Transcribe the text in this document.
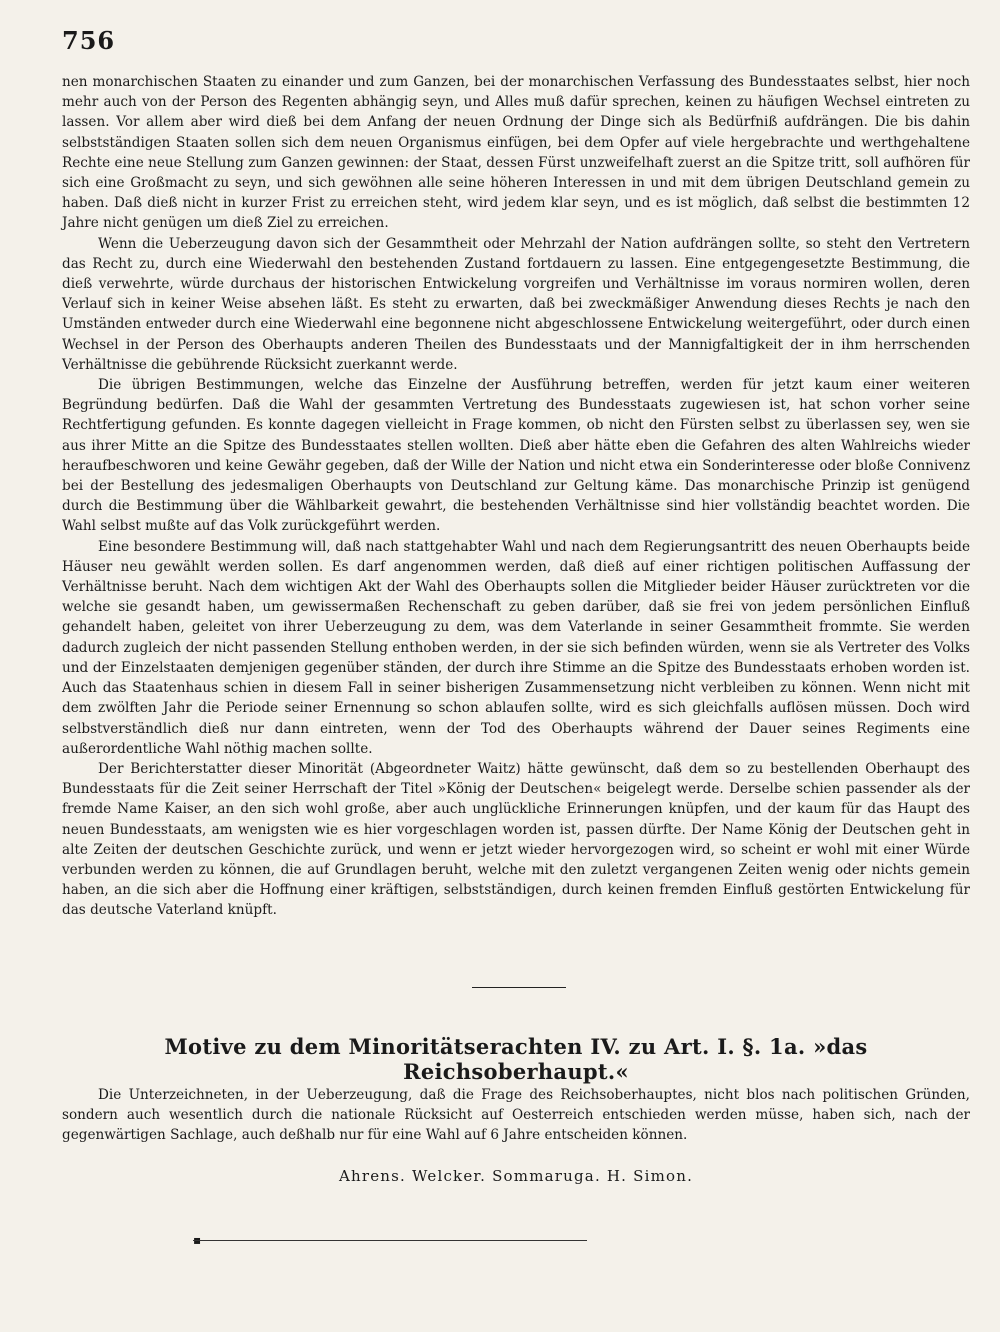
756

nen monarchischen Staaten zu einander und zum Ganzen, bei der monarchischen Verfassung des Bundesstaates selbst, hier noch mehr auch von der Person des Regenten abhängig seyn, und Alles muß dafür sprechen, keinen zu häufigen Wechsel eintreten zu lassen. Vor allem aber wird dieß bei dem Anfang der neuen Ordnung der Dinge sich als Bedürfniß aufdrängen. Die bis dahin selbstständigen Staaten sollen sich dem neuen Organismus einfügen, bei dem Opfer auf viele hergebrachte und werthgehaltene Rechte eine neue Stellung zum Ganzen gewinnen: der Staat, dessen Fürst unzweifelhaft zuerst an die Spitze tritt, soll aufhören für sich eine Großmacht zu seyn, und sich gewöhnen alle seine höheren Interessen in und mit dem übrigen Deutschland gemein zu haben. Daß dieß nicht in kurzer Frist zu erreichen steht, wird jedem klar seyn, und es ist möglich, daß selbst die bestimmten 12 Jahre nicht genügen um dieß Ziel zu erreichen.

Wenn die Ueberzeugung davon sich der Gesammtheit oder Mehrzahl der Nation aufdrängen sollte, so steht den Vertretern das Recht zu, durch eine Wiederwahl den bestehenden Zustand fortdauern zu lassen. Eine entgegengesetzte Bestimmung, die dieß verwehrte, würde durchaus der historischen Entwickelung vorgreifen und Verhältnisse im voraus normiren wollen, deren Verlauf sich in keiner Weise absehen läßt. Es steht zu erwarten, daß bei zweckmäßiger Anwendung dieses Rechts je nach den Umständen entweder durch eine Wiederwahl eine begonnene nicht abgeschlossene Entwickelung weitergeführt, oder durch einen Wechsel in der Person des Oberhaupts anderen Theilen des Bundesstaats und der Mannigfaltigkeit der in ihm herrschenden Verhältnisse die gebührende Rücksicht zuerkannt werde.

Die übrigen Bestimmungen, welche das Einzelne der Ausführung betreffen, werden für jetzt kaum einer weiteren Begründung bedürfen. Daß die Wahl der gesammten Vertretung des Bundesstaats zugewiesen ist, hat schon vorher seine Rechtfertigung gefunden. Es konnte dagegen vielleicht in Frage kommen, ob nicht den Fürsten selbst zu überlassen sey, wen sie aus ihrer Mitte an die Spitze des Bundesstaates stellen wollten. Dieß aber hätte eben die Gefahren des alten Wahlreichs wieder heraufbeschworen und keine Gewähr gegeben, daß der Wille der Nation und nicht etwa ein Sonderinteresse oder bloße Connivenz bei der Bestellung des jedesmaligen Oberhaupts von Deutschland zur Geltung käme. Das monarchische Prinzip ist genügend durch die Bestimmung über die Wählbarkeit gewahrt, die bestehenden Verhältnisse sind hier vollständig beachtet worden. Die Wahl selbst mußte auf das Volk zurückgeführt werden.

Eine besondere Bestimmung will, daß nach stattgehabter Wahl und nach dem Regierungsantritt des neuen Oberhaupts beide Häuser neu gewählt werden sollen. Es darf angenommen werden, daß dieß auf einer richtigen politischen Auffassung der Verhältnisse beruht. Nach dem wichtigen Akt der Wahl des Oberhaupts sollen die Mitglieder beider Häuser zurücktreten vor die welche sie gesandt haben, um gewissermaßen Rechenschaft zu geben darüber, daß sie frei von jedem persönlichen Einfluß gehandelt haben, geleitet von ihrer Ueberzeugung zu dem, was dem Vaterlande in seiner Gesammtheit frommte. Sie werden dadurch zugleich der nicht passenden Stellung enthoben werden, in der sie sich befinden würden, wenn sie als Vertreter des Volks und der Einzelstaaten demjenigen gegenüber ständen, der durch ihre Stimme an die Spitze des Bundesstaats erhoben worden ist. Auch das Staatenhaus schien in diesem Fall in seiner bisherigen Zusammensetzung nicht verbleiben zu können. Wenn nicht mit dem zwölften Jahr die Periode seiner Ernennung so schon ablaufen sollte, wird es sich gleichfalls auflösen müssen. Doch wird selbstverständlich dieß nur dann eintreten, wenn der Tod des Oberhaupts während der Dauer seines Regiments eine außerordentliche Wahl nöthig machen sollte.

Der Berichterstatter dieser Minorität (Abgeordneter Waitz) hätte gewünscht, daß dem so zu bestellenden Oberhaupt des Bundesstaats für die Zeit seiner Herrschaft der Titel »König der Deutschen« beigelegt werde. Derselbe schien passender als der fremde Name Kaiser, an den sich wohl große, aber auch unglückliche Erinnerungen knüpfen, und der kaum für das Haupt des neuen Bundesstaats, am wenigsten wie es hier vorgeschlagen worden ist, passen dürfte. Der Name König der Deutschen geht in alte Zeiten der deutschen Geschichte zurück, und wenn er jetzt wieder hervorgezogen wird, so scheint er wohl mit einer Würde verbunden werden zu können, die auf Grundlagen beruht, welche mit den zuletzt vergangenen Zeiten wenig oder nichts gemein haben, an die sich aber die Hoffnung einer kräftigen, selbstständigen, durch keinen fremden Einfluß gestörten Entwickelung für das deutsche Vaterland knüpft.

Motive zu dem Minoritätserachten IV. zu Art. I. §. 1a. »das Reichsoberhaupt.«

Die Unterzeichneten, in der Ueberzeugung, daß die Frage des Reichsoberhauptes, nicht blos nach politischen Gründen, sondern auch wesentlich durch die nationale Rücksicht auf Oesterreich entschieden werden müsse, haben sich, nach der gegenwärtigen Sachlage, auch deßhalb nur für eine Wahl auf 6 Jahre entscheiden können.

Ahrens. Welcker. Sommaruga. H. Simon.
▪
